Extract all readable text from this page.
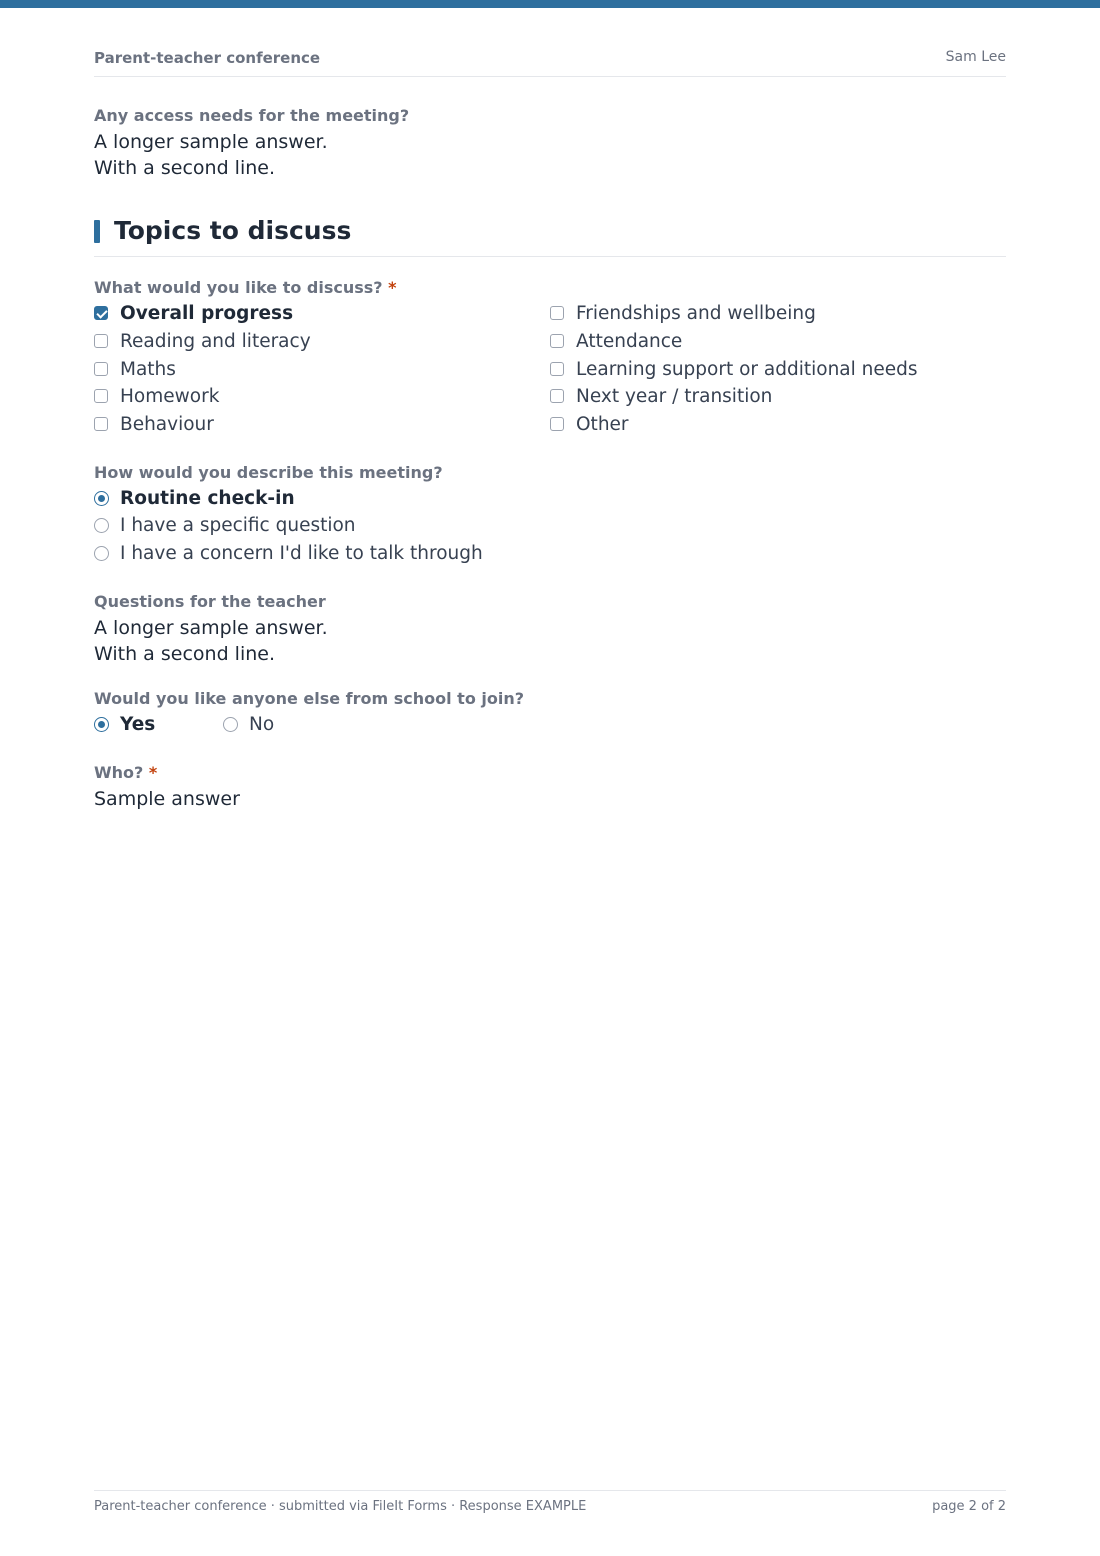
Parent-teacher conference	Sam Lee
Any access needs for the meeting?
A longer sample answer.
With a second line.
Topics to discuss
What would you like to discuss? *
Overall progress
Reading and literacy
Maths
Homework
Behaviour
Friendships and wellbeing
Attendance
Learning support or additional needs
Next year / transition
Other
How would you describe this meeting?
Routine check-in
I have a specific question
I have a concern I'd like to talk through
Questions for the teacher
A longer sample answer.
With a second line.
Would you like anyone else from school to join?
Yes	No
Who? *
Sample answer
Parent-teacher conference · submitted via FileIt Forms · Response EXAMPLE	page 2 of 2
